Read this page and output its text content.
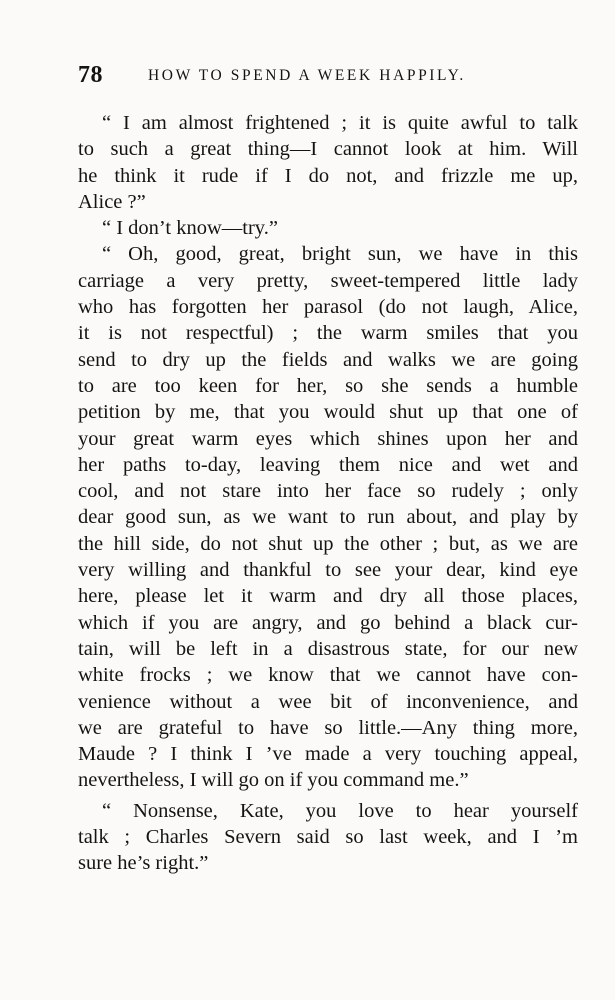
78	HOW TO SPEND A WEEK HAPPILY.
“ I am almost frightened ; it is quite awful to talk
to such a great thing—I cannot look at him. Will
he think it rude if I do not, and frizzle me up,
Alice ?”
“ I don’t know—try.”
“ Oh, good, great, bright sun, we have in this
carriage a very pretty, sweet-tempered little lady
who has forgotten her parasol (do not laugh, Alice,
it is not respectful) ; the warm smiles that you
send to dry up the fields and walks we are going
to are too keen for her, so she sends a humble
petition by me, that you would shut up that one of
your great warm eyes which shines upon her and
her paths to-day, leaving them nice and wet and
cool, and not stare into her face so rudely ; only
dear good sun, as we want to run about, and play by
the hill side, do not shut up the other ; but, as we are
very willing and thankful to see your dear, kind eye
here, please let it warm and dry all those places,
which if you are angry, and go behind a black cur-
tain, will be left in a disastrous state, for our new
white frocks ; we know that we cannot have con-
venience without a wee bit of inconvenience, and
we are grateful to have so little.—Any thing more,
Maude ? I think I ’ve made a very touching appeal,
nevertheless, I will go on if you command me.”
“ Nonsense, Kate, you love to hear yourself
talk ; Charles Severn said so last week, and I ’m
sure he’s right.”
